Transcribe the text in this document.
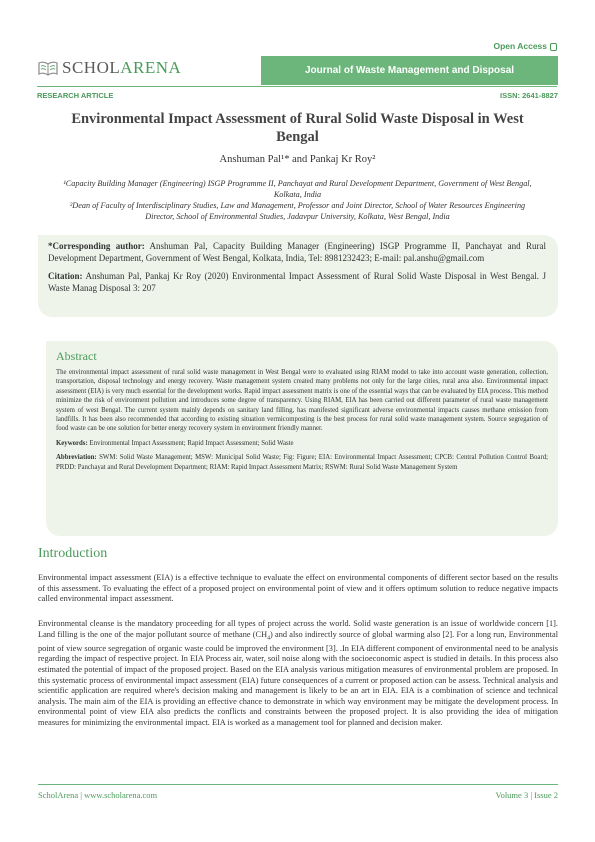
Open Access
SCHOLARENA	Journal of Waste Management and Disposal
RESEARCH ARTICLE	ISSN: 2641-8827
Environmental Impact Assessment of Rural Solid Waste Disposal in West Bengal
Anshuman Pal¹* and Pankaj Kr Roy²
¹Capacity Building Manager (Engineering) ISGP Programme II, Panchayat and Rural Development Department, Government of West Bengal, Kolkata, India
²Dean of Faculty of Interdisciplinary Studies, Law and Management, Professor and Joint Director, School of Water Resources Engineering Director, School of Environmental Studies, Jadavpur University, Kolkata, West Bengal, India

*Corresponding author: Anshuman Pal, Capacity Building Manager (Engineering) ISGP Programme II, Panchayat and Rural Development Department, Government of West Bengal, Kolkata, India, Tel: 8981232423; E-mail: pal.anshu@gmail.com

Citation: Anshuman Pal, Pankaj Kr Roy (2020) Environmental Impact Assessment of Rural Solid Waste Disposal in West Bengal. J Waste Manag Disposal 3: 207

Abstract

The environmental impact assessment of rural solid waste management in West Bengal were to evaluated using RIAM model to take into account waste generation, collection, transportation, disposal technology and energy recovery. Waste management system created many problems not only for the large cities, rural area also. Environmental impact assessment (EIA) is very much essential for the development works. Rapid impact assessment matrix is one of the essential ways that can be evaluated by EIA process. This method minimize the risk of environment pollution and introduces some degree of transparency. Using RIAM, EIA has been carried out different parameter of rural waste management system of west Bengal. The current system mainly depends on sanitary land filling, has manifested significant adverse environmental impacts causes methane emission from landfills. It has been also recommended that according to existing situation vermicomposting is the best process for rural solid waste management system. Source segregation of food waste can be one solution for better energy recovery system in environment friendly manner.

Keywords: Environmental Impact Assessment; Rapid Impact Assessment; Solid Waste
Abbreviation: SWM: Solid Waste Management; MSW: Municipal Solid Waste; Fig: Figure; EIA: Environmental Impact Assessment; CPCB: Central Pollution Control Board; PRDD: Panchayat and Rural Development Department; RIAM: Rapid Impact Assessment Matrix; RSWM: Rural Solid Waste Management System
Introduction

Environmental impact assessment (EIA) is a effective technique to evaluate the effect on environmental components of different sector based on the results of this assessment. To evaluating the effect of a proposed project on environmental point of view and it offers optimum solution to reduce negative impacts called environmental impact assessment.

Environmental cleanse is the mandatory proceeding for all types of project across the world. Solid waste generation is an issue of worldwide concern [1]. Land filling is the one of the major pollutant source of methane $(CH_4)$ and also indirectly source of global warming also [2]. For a long run, Environmental point of view source segregation of organic waste could be improved the environment [3]. .In EIA different component of environmental need to be analysis regarding the impact of respective project. In EIA Process air, water, soil noise along with the socioeconomic aspect is studied in details. In this process also estimated the potential of impact of the proposed project. Based on the EIA analysis various mitigation measures of environmental problem are proposed. In this systematic process of environmental impact assessment (EIA) future consequences of a current or proposed action can be assess. Technical analysis and scientific application are required where's decision making and management is likely to be an art in EIA. EIA is a combination of science and technical analysis. The main aim of the EIA is providing an effective chance to demonstrate in which way environment may be mitigate the development process. In environmental point of view EIA also predicts the conflicts and constraints between the proposed project. It is also providing the idea of mitigation measures for minimizing the environmental impact. EIA is worked as a management tool for planned and decision maker.

ScholArena | www.scholarena.com	Volume 3 | Issue 2
